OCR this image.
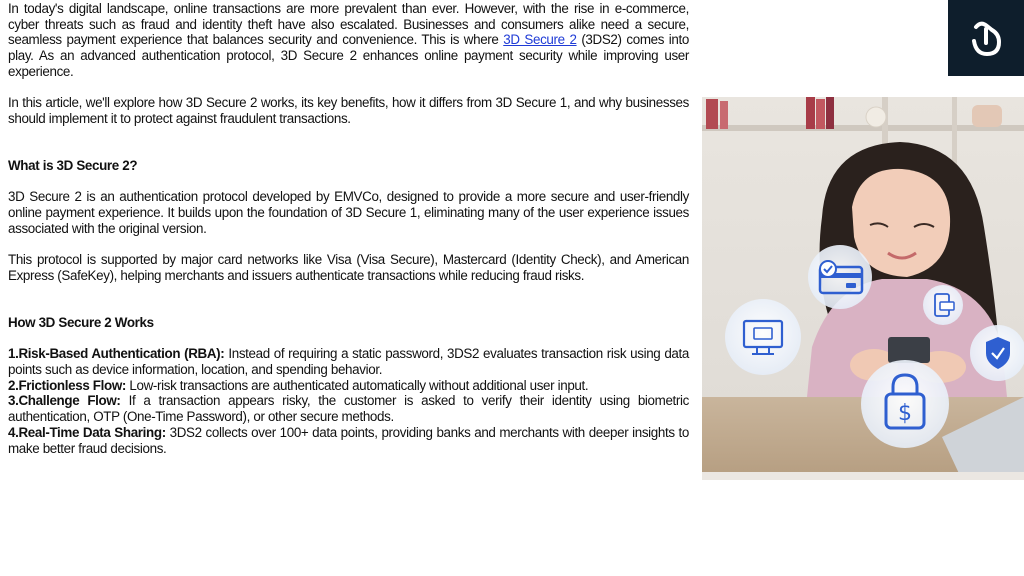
In today's digital landscape, online transactions are more prevalent than ever. However, with the rise in e-commerce, cyber threats such as fraud and identity theft have also escalated. Businesses and consumers alike need a secure, seamless payment experience that balances security and convenience. This is where 3D Secure 2 (3DS2) comes into play. As an advanced authentication protocol, 3D Secure 2 enhances online payment security while improving user experience.

In this article, we'll explore how 3D Secure 2 works, its key benefits, how it differs from 3D Secure 1, and why businesses should implement it to protect against fraudulent transactions.

What is 3D Secure 2?

3D Secure 2 is an authentication protocol developed by EMVCo, designed to provide a more secure and user-friendly online payment experience. It builds upon the foundation of 3D Secure 1, eliminating many of the user experience issues associated with the original version.

This protocol is supported by major card networks like Visa (Visa Secure), Mastercard (Identity Check), and American Express (SafeKey), helping merchants and issuers authenticate transactions while reducing fraud risks.

How 3D Secure 2 Works

1.Risk-Based Authentication (RBA): Instead of requiring a static password, 3DS2 evaluates transaction risk using data points such as device information, location, and spending behavior.

2.Frictionless Flow: Low-risk transactions are authenticated automatically without additional user input.

3.Challenge Flow: If a transaction appears risky, the customer is asked to verify their identity using biometric authentication, OTP (One-Time Password), or other secure methods.

4.Real-Time Data Sharing: 3DS2 collects over 100+ data points, providing banks and merchants with deeper insights to make better fraud decisions.

$
